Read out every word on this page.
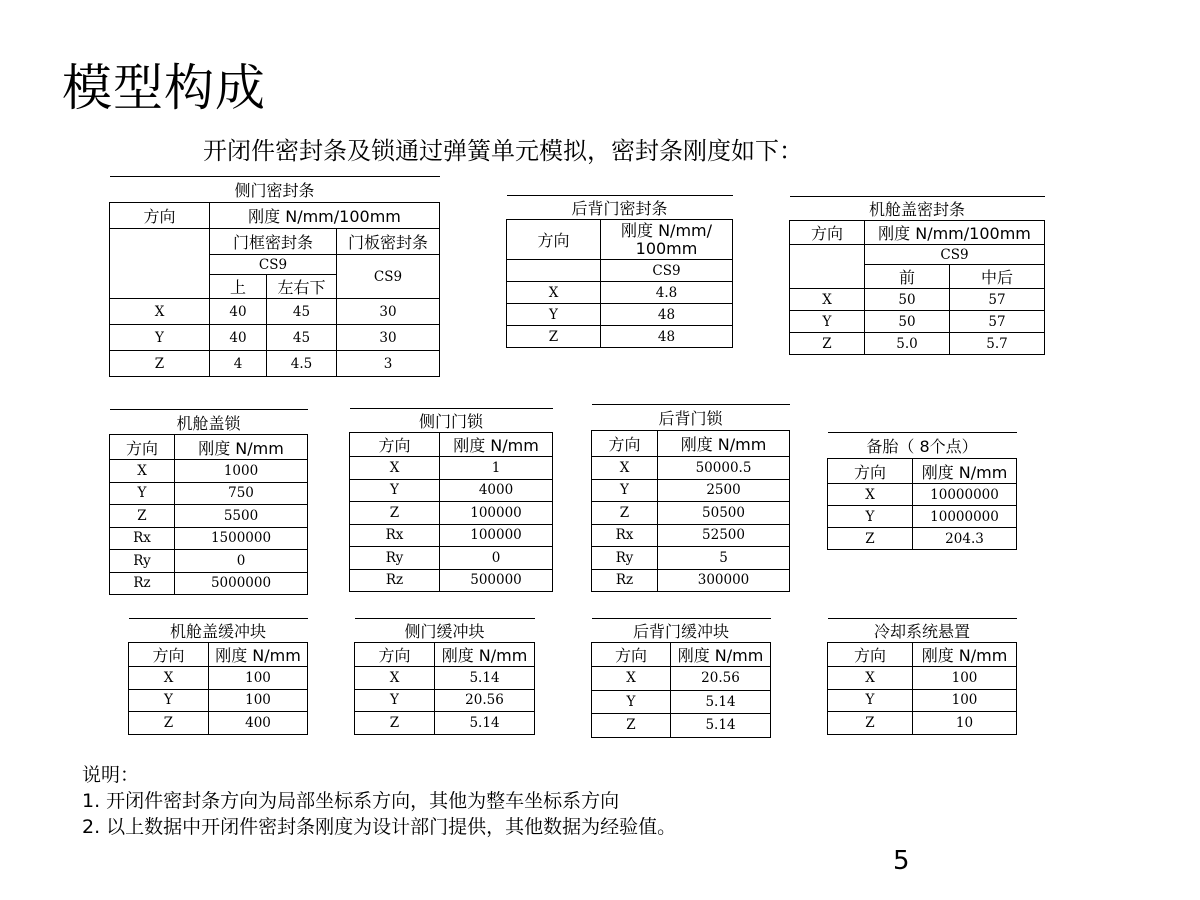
模型构成
开闭件密封条及锁通过弹簧单元模拟，密封条刚度如下：
侧门密封条			
方向	刚度 N/mm/100mm		
	门框密封条		门板密封条
	CS9		CS9
	上	左右下	
X	40	45	30
Y	40	45	30
Z	4	4.5	3
后背门密封条	
方向	刚度 N/mm/ 100mm
	CS9
X	4.8
Y	48
Z	48
机舱盖密封条		
方向	刚度 N/mm/100mm	
	CS9	
	前	中后
X	50	57
Y	50	57
Z	5.0	5.7
机舱盖锁	
方向	刚度 N/mm
X	1000
Y	750
Z	5500
Rx	1500000
Ry	0
Rz	5000000
侧门门锁	
方向	刚度 N/mm
X	1
Y	4000
Z	100000
Rx	100000
Ry	0
Rz	500000
后背门锁	
方向	刚度 N/mm
X	50000.5
Y	2500
Z	50500
Rx	52500
Ry	5
Rz	300000
备胎（ 8个点）	
方向	刚度 N/mm
X	10000000
Y	10000000
Z	204.3
机舱盖缓冲块	
方向	刚度 N/mm
X	100
Y	100
Z	400
侧门缓冲块	
方向	刚度 N/mm
X	5.14
Y	20.56
Z	5.14
后背门缓冲块	
方向	刚度 N/mm
X	20.56
Y	5.14
Z	5.14
冷却系统悬置	
方向	刚度 N/mm
X	100
Y	100
Z	10
说明：
1. 开闭件密封条方向为局部坐标系方向，其他为整车坐标系方向
2. 以上数据中开闭件密封条刚度为设计部门提供，其他数据为经验值。
5
